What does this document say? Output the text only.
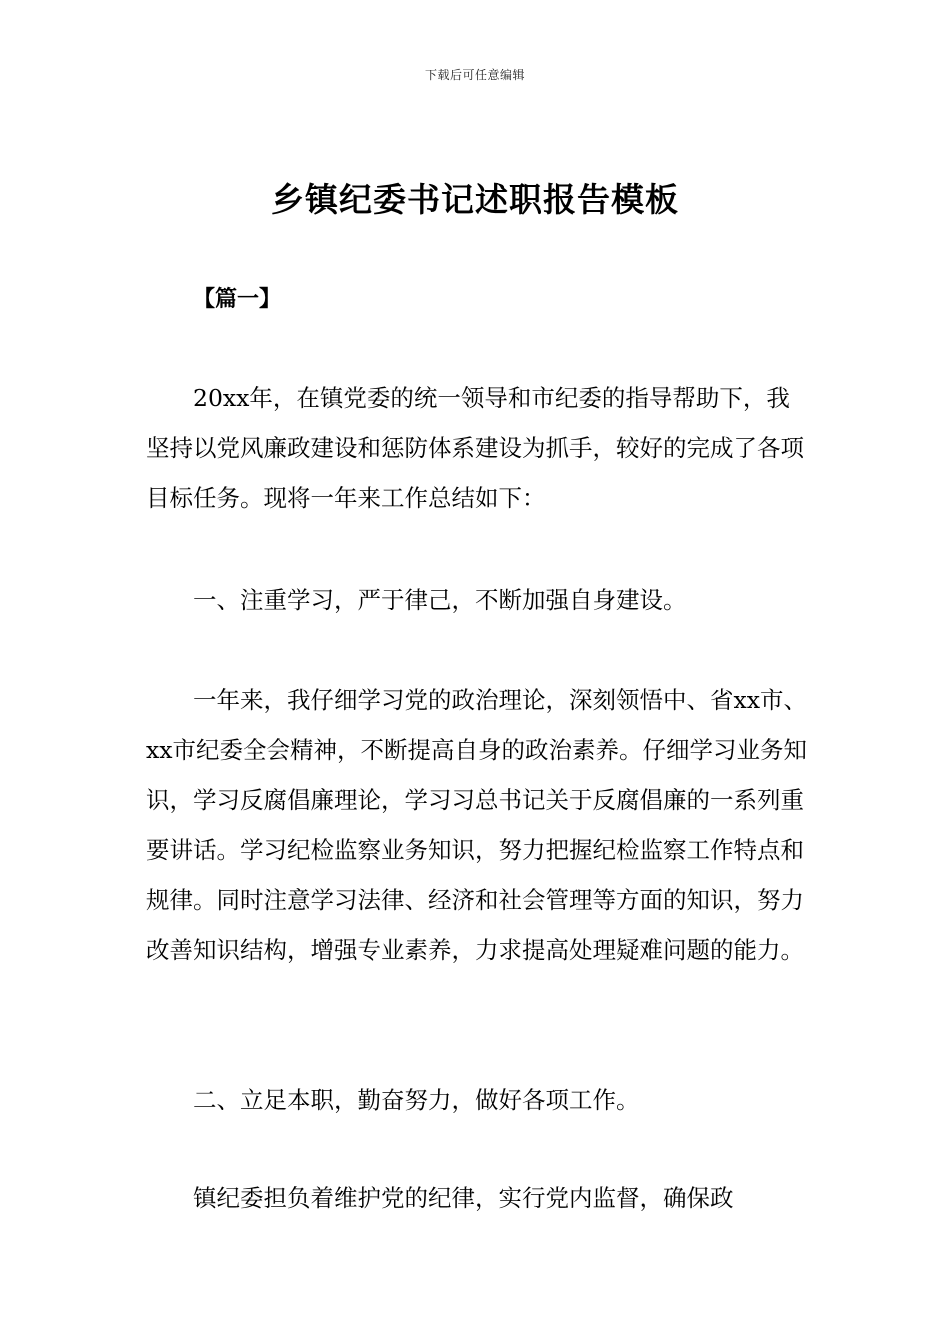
下载后可任意编辑
乡镇纪委书记述职报告模板
【篇一】

20xx年，在镇党委的统一领导和市纪委的指导帮助下，我坚持以党风廉政建设和惩防体系建设为抓手，较好的完成了各项目标任务。现将一年来工作总结如下：

一、注重学习，严于律己，不断加强自身建设。

一年来，我仔细学习党的政治理论，深刻领悟中、省xx市、xx市纪委全会精神，不断提高自身的政治素养。仔细学习业务知识，学习反腐倡廉理论，学习习总书记关于反腐倡廉的一系列重要讲话。学习纪检监察业务知识，努力把握纪检监察工作特点和规律。同时注意学习法律、经济和社会管理等方面的知识，努力改善知识结构，增强专业素养，力求提高处理疑难问题的能力。

二、立足本职，勤奋努力，做好各项工作。

镇纪委担负着维护党的纪律，实行党内监督，确保政
